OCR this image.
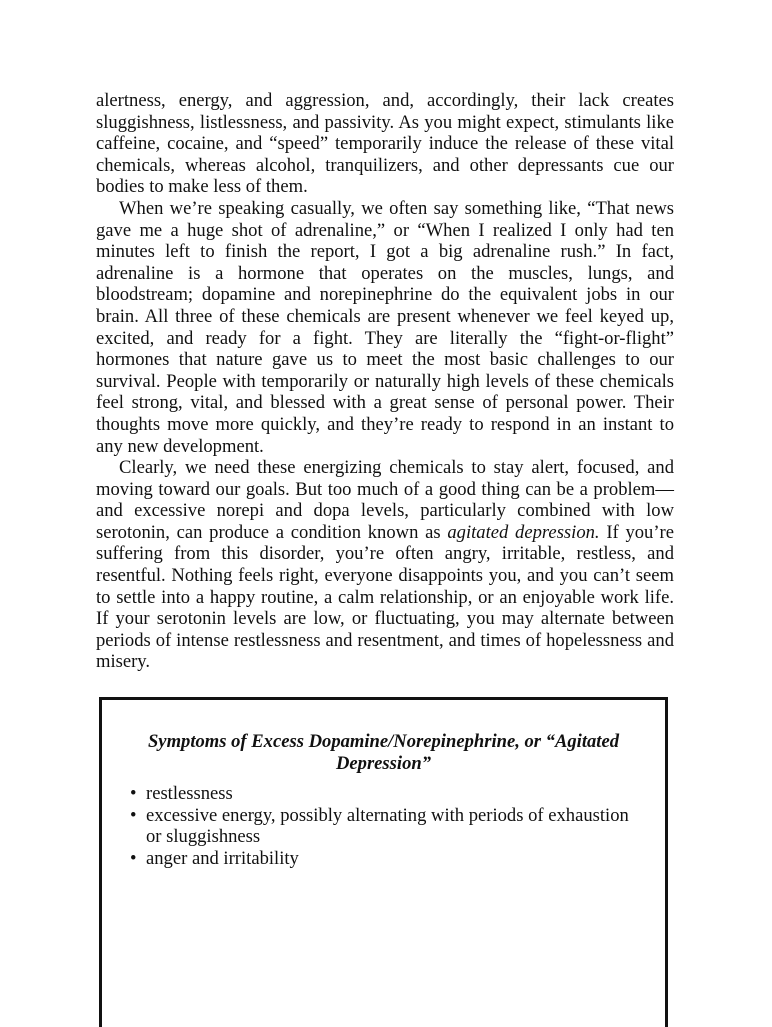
alertness, energy, and aggression, and, accordingly, their lack creates sluggishness, listlessness, and passivity. As you might expect, stimulants like caffeine, cocaine, and “speed” temporarily induce the release of these vital chemicals, whereas alcohol, tranquilizers, and other depressants cue our bodies to make less of them.

When we’re speaking casually, we often say something like, “That news gave me a huge shot of adrenaline,” or “When I realized I only had ten minutes left to finish the report, I got a big adrenaline rush.” In fact, adrenaline is a hormone that operates on the muscles, lungs, and bloodstream; dopamine and norepinephrine do the equivalent jobs in our brain. All three of these chemicals are present whenever we feel keyed up, excited, and ready for a fight. They are literally the “fight-or-flight” hormones that nature gave us to meet the most basic challenges to our survival. People with temporarily or naturally high levels of these chemicals feel strong, vital, and blessed with a great sense of personal power. Their thoughts move more quickly, and they’re ready to respond in an instant to any new development.

Clearly, we need these energizing chemicals to stay alert, focused, and moving toward our goals. But too much of a good thing can be a problem—and excessive norepi and dopa levels, particularly combined with low serotonin, can produce a condition known as agitated depression. If you’re suffering from this disorder, you’re often angry, irritable, restless, and resentful. Nothing feels right, everyone disappoints you, and you can’t seem to settle into a happy routine, a calm relationship, or an enjoyable work life. If your serotonin levels are low, or fluctuating, you may alternate between periods of intense restlessness and resentment, and times of hopelessness and misery.

Symptoms of Excess Dopamine/Norepinephrine, or “Agitated Depression”
• restlessness
• excessive energy, possibly alternating with periods of exhaustion or sluggishness
• anger and irritability
